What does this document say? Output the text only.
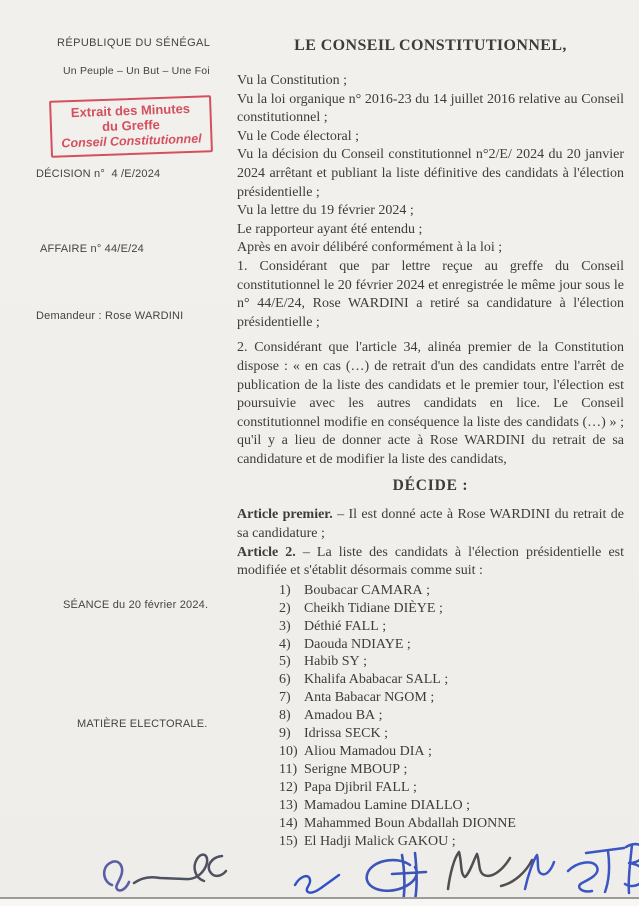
RÉPUBLIQUE DU SÉNÉGAL
Un Peuple – Un But – Une Foi
Extrait des Minutes
du Greffe
Conseil Constitutionnel
DÉCISION n°  4 /E/2024
AFFAIRE n° 44/E/24
Demandeur : Rose WARDINI
SÉANCE du 20 février 2024.
MATIÈRE ELECTORALE.
LE CONSEIL CONSTITUTIONNEL,

Vu la Constitution ;

Vu la loi organique n° 2016-23 du 14 juillet 2016 relative au Conseil constitutionnel ;

Vu le Code électoral ;

Vu la décision du Conseil constitutionnel n°2/E/ 2024 du 20 janvier 2024 arrêtant et publiant la liste définitive des candidats à l'élection présidentielle ;

Vu la lettre du 19 février 2024 ;

Le rapporteur ayant été entendu ;

Après en avoir délibéré conformément à la loi ;

1. Considérant que par lettre reçue au greffe du Conseil constitutionnel le 20 février 2024 et enregistrée le même jour sous le n° 44/E/24, Rose WARDINI a retiré sa candidature à l'élection présidentielle ;

2. Considérant que l'article 34, alinéa premier de la Constitution dispose : « en cas (…) de retrait d'un des candidats entre l'arrêt de publication de la liste des candidats et le premier tour, l'élection est poursuivie avec les autres candidats en lice. Le Conseil constitutionnel modifie en conséquence la liste des candidats (…) » ; qu'il y a lieu de donner acte à Rose WARDINI du retrait de sa candidature et de modifier la liste des candidats,

DÉCIDE :

Article premier. – Il est donné acte à Rose WARDINI du retrait de sa candidature ;

Article 2. – La liste des candidats à l'élection présidentielle est modifiée et s'établit désormais comme suit :

1) Boubacar CAMARA ;
2) Cheikh Tidiane DIÈYE ;
3) Déthié FALL ;
4) Daouda NDIAYE ;
5) Habib SY ;
6) Khalifa Ababacar SALL ;
7) Anta Babacar NGOM ;
8) Amadou BA ;
9) Idrissa SECK ;
10) Aliou Mamadou DIA ;
11) Serigne MBOUP ;
12) Papa Djibril FALL ;
13) Mamadou Lamine DIALLO ;
14) Mahammed Boun Abdallah DIONNE
15) El Hadji Malick GAKOU ;
